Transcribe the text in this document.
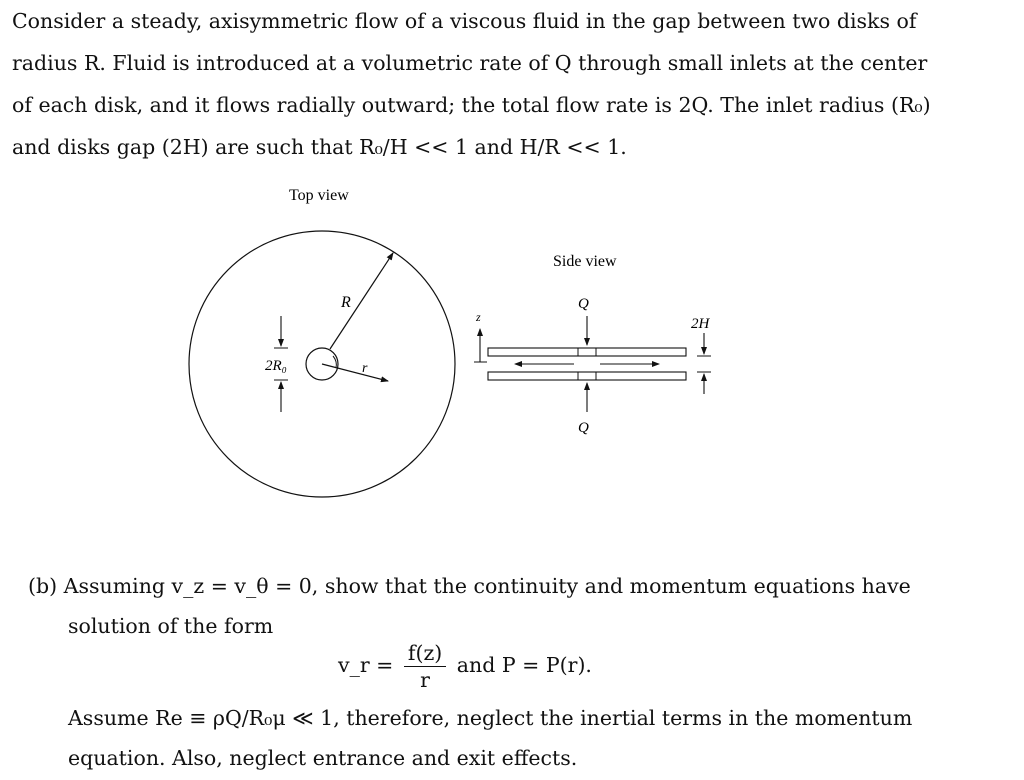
Consider a steady, axisymmetric flow of a viscous fluid in the gap between two disks of
radius R. Fluid is introduced at a volumetric rate of Q through small inlets at the center
of each disk, and it flows radially outward; the total flow rate is 2Q. The inlet radius (R₀)
and disks gap (2H) are such that R₀/H << 1 and H/R << 1.
Top view
R
r
2R₀
Side view
Q
Q
z	2H
(b) Assuming v_z = v_θ = 0, show that the continuity and momentum equations have
solution of the form
v_r = $\frac{f(z)}{r}$ and P = P(r).
Assume Re ≡ ρQ/R₀μ ≪ 1, therefore, neglect the inertial terms in the momentum
equation. Also, neglect entrance and exit effects.
